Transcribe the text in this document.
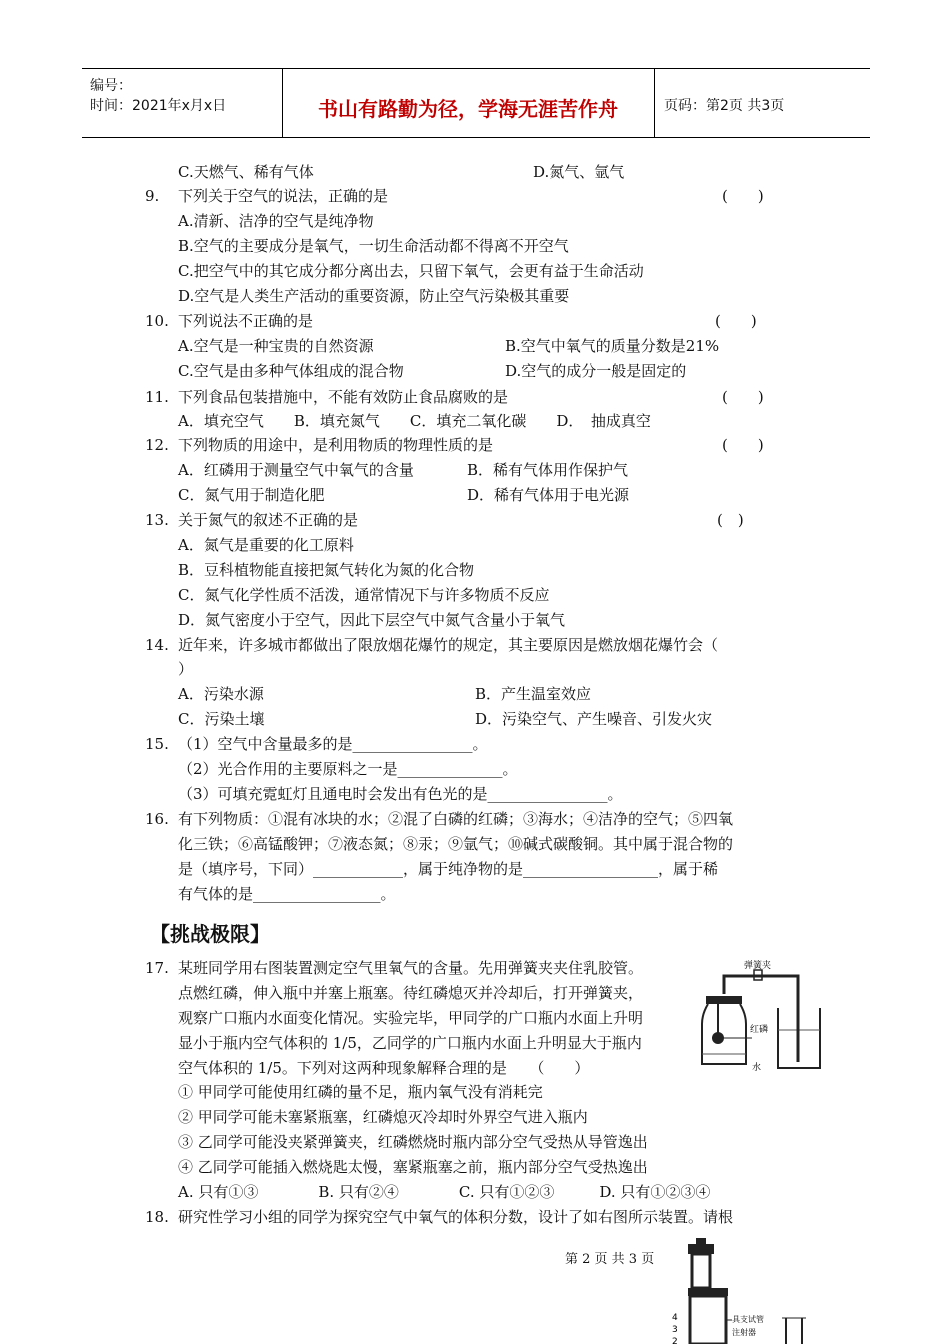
编号：
时间：2021年x月x日	书山有路勤为径，学海无涯苦作舟	页码：第2页 共3页
C.天燃气、稀有气体	D.氮气、氩气
9. 下列关于空气的说法，正确的是	(　　)
A.清新、洁净的空气是纯净物
B.空气的主要成分是氧气，一切生命活动都不得离不开空气
C.把空气中的其它成分都分离出去，只留下氧气，会更有益于生命活动
D.空气是人类生产活动的重要资源，防止空气污染极其重要
10. 下列说法不正确的是	(　　)
A.空气是一种宝贵的自然资源	B.空气中氧气的质量分数是21%
C.空气是由多种气体组成的混合物	D.空气的成分一般是固定的
11. 下列食品包装措施中，不能有效防止食品腐败的是	(　　)
A．填充空气　　B．填充氮气　　C．填充二氧化碳　　D．　抽成真空
12. 下列物质的用途中，是利用物质的物理性质的是	(　　)
A．红磷用于测量空气中氧气的含量	B．稀有气体用作保护气
C．氮气用于制造化肥	D．稀有气体用于电光源
13. 关于氮气的叙述不正确的是	(　)
A．氮气是重要的化工原料
B．豆科植物能直接把氮气转化为氮的化合物
C．氮气化学性质不活泼，通常情况下与许多物质不反应
D．氮气密度小于空气，因此下层空气中氮气含量小于氧气
14. 近年来，许多城市都做出了限放烟花爆竹的规定，其主要原因是燃放烟花爆竹会（
）
A．污染水源	B．产生温室效应
C．污染土壤	D．污染空气、产生噪音、引发火灾
15. （1）空气中含量最多的是________________。
（2）光合作用的主要原料之一是______________。
（3）可填充霓虹灯且通电时会发出有色光的是________________。
16. 有下列物质：①混有冰块的水；②混了白磷的红磷；③海水；④洁净的空气；⑤四氧
化三铁；⑥高锰酸钾；⑦液态氮；⑧汞；⑨氩气；⑩碱式碳酸铜。其中属于混合物的
是（填序号，下同）____________，属于纯净物的是__________________，属于稀
有气体的是_________________。
【挑战极限】
17. 某班同学用右图装置测定空气里氧气的含量。先用弹簧夹夹住乳胶管。
点燃红磷，伸入瓶中并塞上瓶塞。待红磷熄灭并冷却后，打开弹簧夹，
观察广口瓶内水面变化情况。实验完毕，甲同学的广口瓶内水面上升明
显小于瓶内空气体积的 1/5，乙同学的广口瓶内水面上升明显大于瓶内
空气体积的 1/5。下列对这两种现象解释合理的是　　（　　）
① 甲同学可能使用红磷的量不足，瓶内氧气没有消耗完
② 甲同学可能未塞紧瓶塞，红磷熄灭冷却时外界空气进入瓶内
③ 乙同学可能没夹紧弹簧夹，红磷燃烧时瓶内部分空气受热从导管逸出
④ 乙同学可能插入燃烧匙太慢，塞紧瓶塞之前，瓶内部分空气受热逸出
A. 只有①③　　　　B. 只有②④　　　　C. 只有①②③　　　D. 只有①②③④
18. 研究性学习小组的同学为探究空气中氧气的体积分数，设计了如右图所示装置。请根
弹簧夹
红磷
水
4
3
2
具支试管
注射器
第 2 页 共 3 页
